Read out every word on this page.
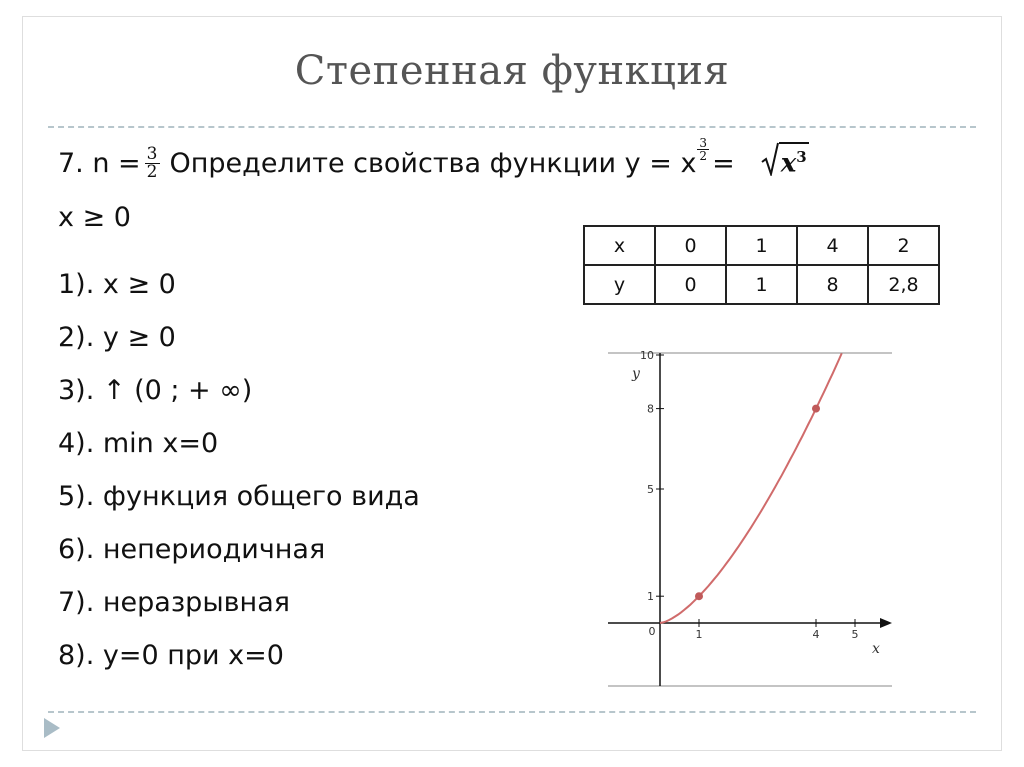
Степенная функция
7. $n = \frac{3}{2}$ Определите свойства функции y = x $\frac{3}{2} = x^3$
x ≥ 0
1). x ≥ 0
2). y ≥ 0
3). ↑ (0 ; + ∞)
4). min x=0
5). функция общего вида
6). непериодичная
7). неразрывная
8). y=0 при x=0
x	0	1	4	2
y	0	1	8	2,8
1	4	5
0
1
5
8
10
x
y
